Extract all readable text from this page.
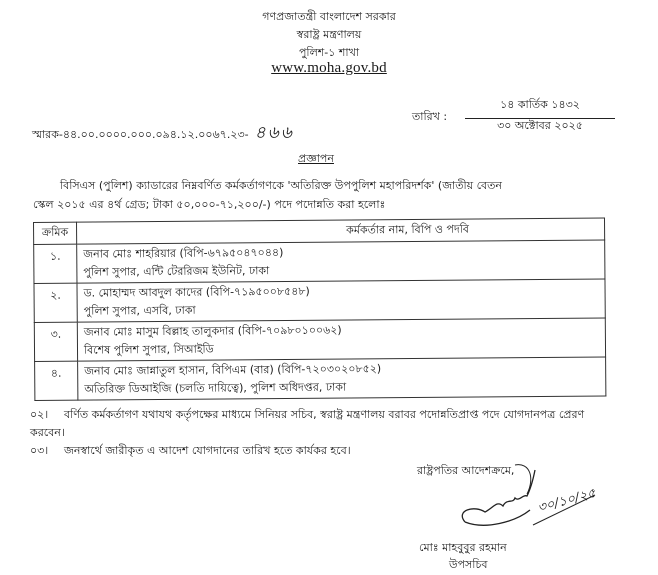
গণপ্রজাতন্ত্রী বাংলাদেশ সরকার
স্বরাষ্ট্র মন্ত্রণালয়
পুলিশ-১ শাখা
www.moha.gov.bd
স্মারক-৪৪.০০.০০০০.০০০.০৯৪.১২.০০৬৭.২৩- ৪৬৬
তারিখ :
১৪ কার্তিক ১৪৩২
৩০ অক্টোবর ২০২৫
প্রজ্ঞাপন
বিসিএস (পুলিশ) ক্যাডারের নিম্নবর্ণিত কর্মকর্তাগণকে 'অতিরিক্ত উপপুলিশ মহাপরিদর্শক' (জাতীয় বেতন
স্কেল ২০১৫ এর ৪র্থ গ্রেড; টাকা ৫০,০০০-৭১,২০০/-) পদে পদোন্নতি করা হলোঃ
ক্রমিক	কর্মকর্তার নাম, বিপি ও পদবি
১.	জনাব মোঃ শাহরিয়ার (বিপি-৬৭৯৫০৪৭০৪৪)
পুলিশ সুপার, এন্টি টেররিজম ইউনিট, ঢাকা

২.	ড. মোহাম্মদ আবদুল কাদের (বিপি-৭১৯৫০০৮৫৪৮)
পুলিশ সুপার, এসবি, ঢাকা

৩.	জনাব মোঃ মাসুম বিল্লাহ তালুকদার (বিপি-৭০৯৮০১০০৬২)
বিশেষ পুলিশ সুপার, সিআইডি

৪.	জনাব মোঃ জান্নাতুল হাসান, বিপিএম (বার) (বিপি-৭২০৩০২০৮৫২)
অতিরিক্ত ডিআইজি (চলতি দায়িত্বে), পুলিশ অধিদপ্তর, ঢাকা
০২। বর্ণিত কর্মকর্তাগণ যথাযথ কর্তৃপক্ষের মাধ্যমে সিনিয়র সচিব, স্বরাষ্ট্র মন্ত্রণালয় বরাবর পদোন্নতিপ্রাপ্ত পদে যোগদানপত্র প্রেরণ
করবেন।
০৩। জনস্বার্থে জারীকৃত এ আদেশ যোগদানের তারিখ হতে কার্যকর হবে।
রাষ্ট্রপতির আদেশক্রমে,
৩০/১০/২৫
মোঃ মাহবুবুর রহমান
উপসচিব
